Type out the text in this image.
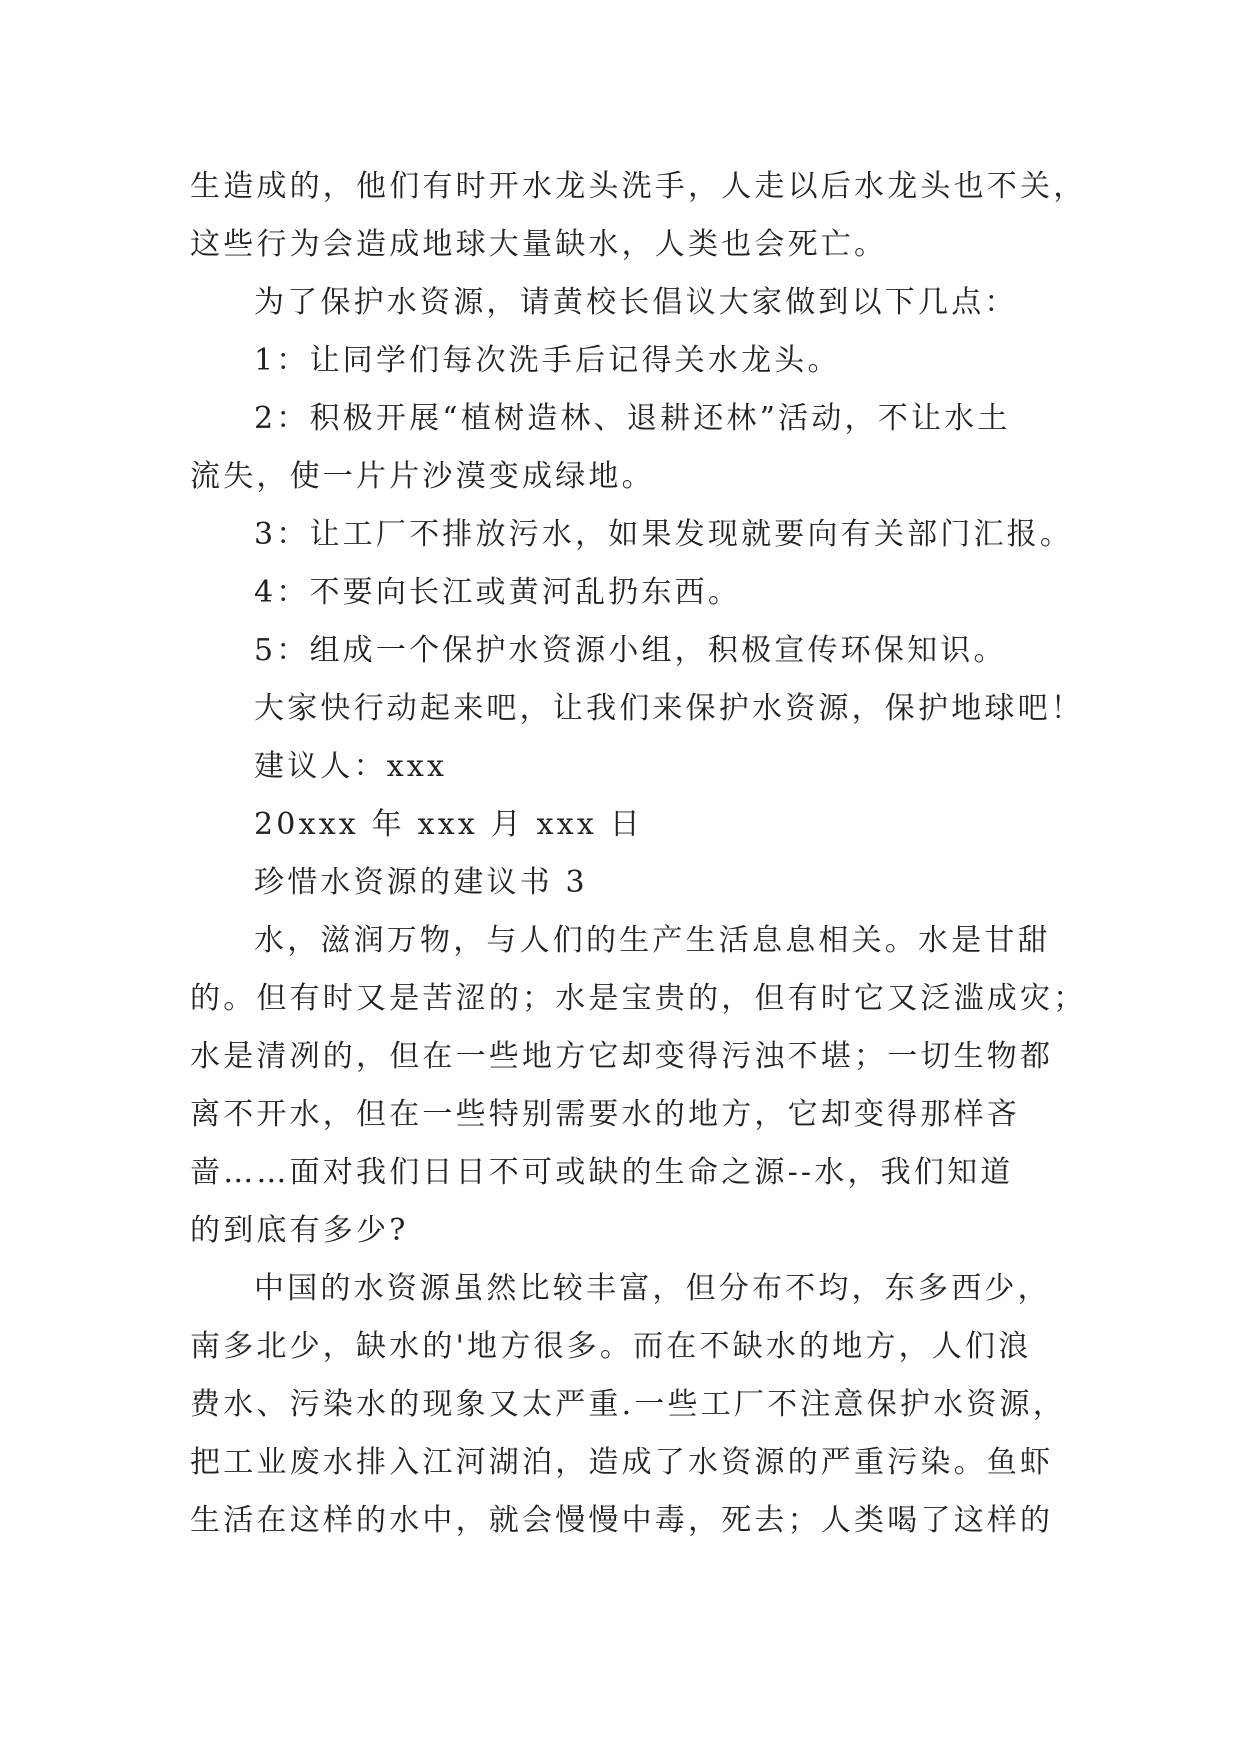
生造成的，他们有时开水龙头洗手，人走以后水龙头也不关，
这些行为会造成地球大量缺水，人类也会死亡。
为了保护水资源，请黄校长倡议大家做到以下几点：
1：让同学们每次洗手后记得关水龙头。
2：积极开展“植树造林、退耕还林”活动，不让水土
流失，使一片片沙漠变成绿地。
3：让工厂不排放污水，如果发现就要向有关部门汇报。
4：不要向长江或黄河乱扔东西。
5：组成一个保护水资源小组，积极宣传环保知识。
大家快行动起来吧，让我们来保护水资源，保护地球吧！
建议人：xxx
20xxx 年 xxx 月 xxx 日
珍惜水资源的建议书 3
水，滋润万物，与人们的生产生活息息相关。水是甘甜
的。但有时又是苦涩的；水是宝贵的，但有时它又泛滥成灾；
水是清冽的，但在一些地方它却变得污浊不堪；一切生物都
离不开水，但在一些特别需要水的地方，它却变得那样吝
啬……面对我们日日不可或缺的生命之源--水，我们知道
的到底有多少?
中国的水资源虽然比较丰富，但分布不均，东多西少，
南多北少，缺水的'地方很多。而在不缺水的地方，人们浪
费水、污染水的现象又太严重.一些工厂不注意保护水资源，
把工业废水排入江河湖泊，造成了水资源的严重污染。鱼虾
生活在这样的水中，就会慢慢中毒，死去；人类喝了这样的
